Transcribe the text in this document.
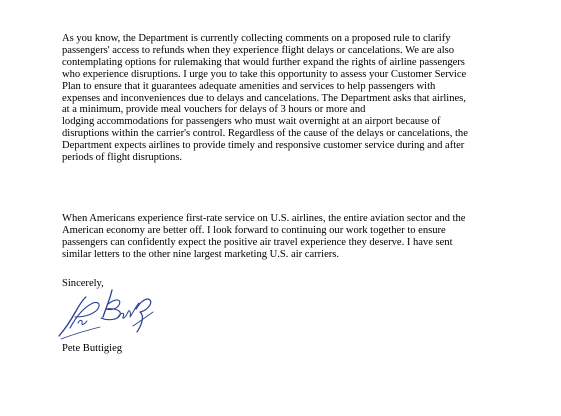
As you know, the Department is currently collecting comments on a proposed rule to clarify
passengers' access to refunds when they experience flight delays or cancelations. We are also
contemplating options for rulemaking that would further expand the rights of airline passengers
who experience disruptions. I urge you to take this opportunity to assess your Customer Service
Plan to ensure that it guarantees adequate amenities and services to help passengers with
expenses and inconveniences due to delays and cancelations. The Department asks that airlines,
at a minimum, provide meal vouchers for delays of 3 hours or more and
lodging accommodations for passengers who must wait overnight at an airport because of
disruptions within the carrier's control. Regardless of the cause of the delays or cancelations, the
Department expects airlines to provide timely and responsive customer service during and after
periods of flight disruptions.
When Americans experience first-rate service on U.S. airlines, the entire aviation sector and the
American economy are better off. I look forward to continuing our work together to ensure
passengers can confidently expect the positive air travel experience they deserve. I have sent
similar letters to the other nine largest marketing U.S. air carriers.
Sincerely,
Pete Buttigieg
